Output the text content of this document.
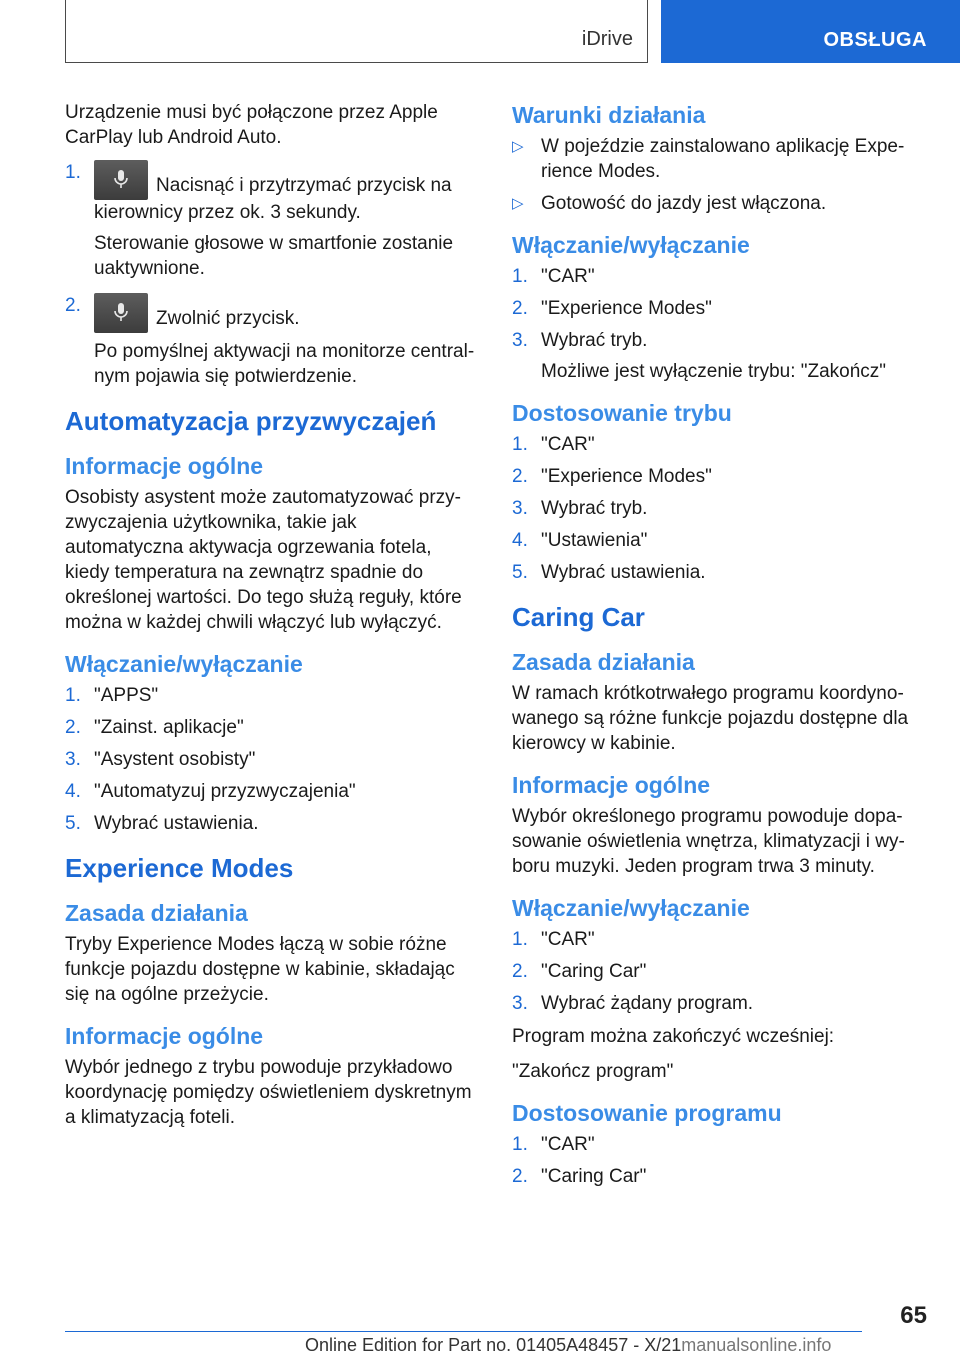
iDrive	OBSŁUGA

Urządzenie musi być połączone przez Apple CarPlay lub Android Auto.

1.
Nacisnąć i przytrzymać przycisk na kierownicy przez ok. 3 sekundy.

Sterowanie głosowe w smartfonie zostanie uaktywnione.

2.
Zwolnić przycisk.

Po pomyślnej aktywacji na monitorze centralnym pojawia się potwierdzenie.

Automatyzacja przyzwyczajeń
Informacje ogólne

Osobisty asystent może zautomatyzować przyzwyczajenia użytkownika, takie jak automatyczna aktywacja ogrzewania fotela, kiedy temperatura na zewnątrz spadnie do określonej wartości. Do tego służą reguły, które można w każdej chwili włączyć lub wyłączyć.

Włączanie/wyłączanie
1. "APPS"
2. "Zainst. aplikacje"
3. "Asystent osobisty"
4. "Automatyzuj przyzwyczajenia"
5. Wybrać ustawienia.
Experience Modes
Zasada działania

Tryby Experience Modes łączą w sobie różne funkcje pojazdu dostępne w kabinie, składając się na ogólne przeżycie.

Informacje ogólne

Wybór jednego z trybu powoduje przykładowo koordynację pomiędzy oświetleniem dyskretnym a klimatyzacją foteli.

Warunki działania
▷ W pojeździe zainstalowano aplikację Experience Modes.
▷ Gotowość do jazdy jest włączona.
Włączanie/wyłączanie
1. "CAR"
2. "Experience Modes"
3. Wybrać tryb.

Możliwe jest wyłączenie trybu: "Zakończ"

Dostosowanie trybu
1. "CAR"
2. "Experience Modes"
3. Wybrać tryb.
4. "Ustawienia"
5. Wybrać ustawienia.
Caring Car
Zasada działania

W ramach krótkotrwałego programu koordynowanego są różne funkcje pojazdu dostępne dla kierowcy w kabinie.

Informacje ogólne

Wybór określonego programu powoduje dopasowanie oświetlenia wnętrza, klimatyzacji i wyboru muzyki. Jeden program trwa 3 minuty.

Włączanie/wyłączanie
1. "CAR"
2. "Caring Car"
3. Wybrać żądany program.

Program można zakończyć wcześniej:

"Zakończ program"

Dostosowanie programu
1. "CAR"
2. "Caring Car"
65
Online Edition for Part no. 01405A48457 - X/21manualsonline.info
